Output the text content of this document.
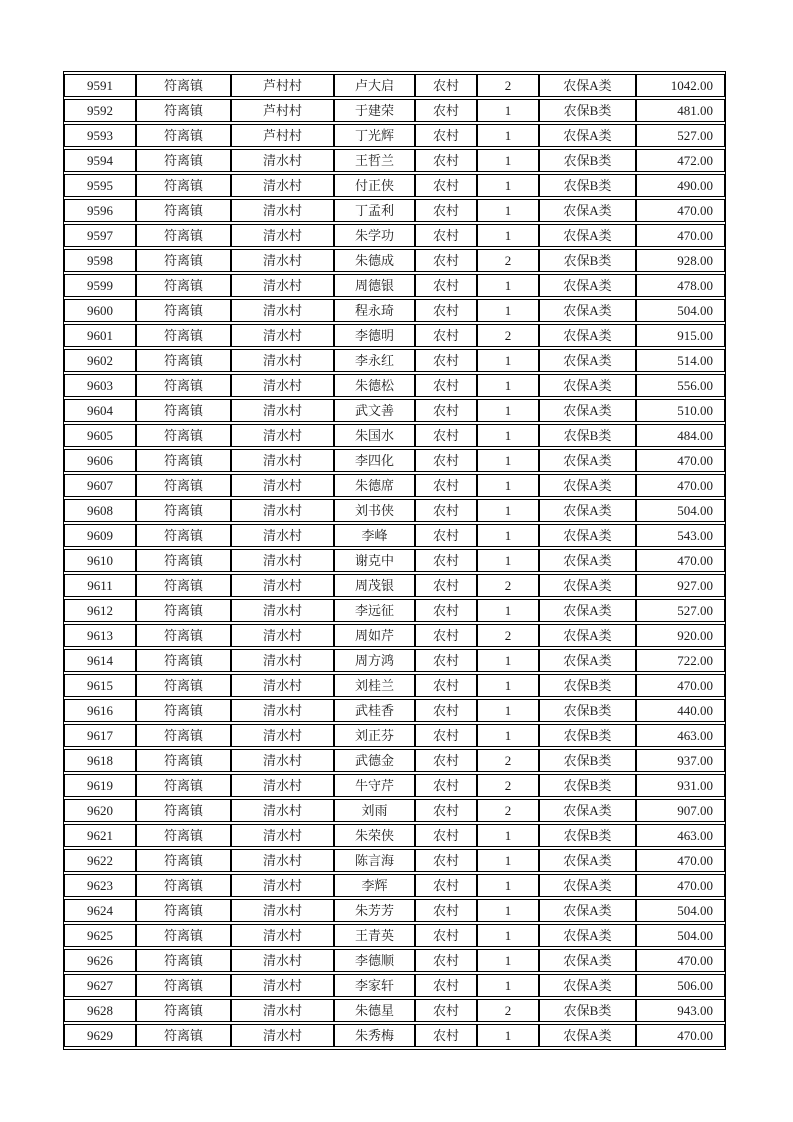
9591	符离镇	芦村村	卢大启	农村	2	农保A类	1042.00
9592	符离镇	芦村村	于建荣	农村	1	农保B类	481.00
9593	符离镇	芦村村	丁光辉	农村	1	农保A类	527.00
9594	符离镇	清水村	王哲兰	农村	1	农保B类	472.00
9595	符离镇	清水村	付正侠	农村	1	农保B类	490.00
9596	符离镇	清水村	丁孟利	农村	1	农保A类	470.00
9597	符离镇	清水村	朱学功	农村	1	农保A类	470.00
9598	符离镇	清水村	朱德成	农村	2	农保B类	928.00
9599	符离镇	清水村	周德银	农村	1	农保A类	478.00
9600	符离镇	清水村	程永琦	农村	1	农保A类	504.00
9601	符离镇	清水村	李德明	农村	2	农保A类	915.00
9602	符离镇	清水村	李永红	农村	1	农保A类	514.00
9603	符离镇	清水村	朱德松	农村	1	农保A类	556.00
9604	符离镇	清水村	武文善	农村	1	农保A类	510.00
9605	符离镇	清水村	朱国水	农村	1	农保B类	484.00
9606	符离镇	清水村	李四化	农村	1	农保A类	470.00
9607	符离镇	清水村	朱德席	农村	1	农保A类	470.00
9608	符离镇	清水村	刘书侠	农村	1	农保A类	504.00
9609	符离镇	清水村	李峰	农村	1	农保A类	543.00
9610	符离镇	清水村	谢克中	农村	1	农保A类	470.00
9611	符离镇	清水村	周茂银	农村	2	农保A类	927.00
9612	符离镇	清水村	李远征	农村	1	农保A类	527.00
9613	符离镇	清水村	周如芹	农村	2	农保A类	920.00
9614	符离镇	清水村	周方鸿	农村	1	农保A类	722.00
9615	符离镇	清水村	刘桂兰	农村	1	农保B类	470.00
9616	符离镇	清水村	武桂香	农村	1	农保B类	440.00
9617	符离镇	清水村	刘正芬	农村	1	农保B类	463.00
9618	符离镇	清水村	武德金	农村	2	农保B类	937.00
9619	符离镇	清水村	牛守芹	农村	2	农保B类	931.00
9620	符离镇	清水村	刘雨	农村	2	农保A类	907.00
9621	符离镇	清水村	朱荣侠	农村	1	农保B类	463.00
9622	符离镇	清水村	陈言海	农村	1	农保A类	470.00
9623	符离镇	清水村	李辉	农村	1	农保A类	470.00
9624	符离镇	清水村	朱芳芳	农村	1	农保A类	504.00
9625	符离镇	清水村	王青英	农村	1	农保A类	504.00
9626	符离镇	清水村	李德顺	农村	1	农保A类	470.00
9627	符离镇	清水村	李家轩	农村	1	农保A类	506.00
9628	符离镇	清水村	朱德星	农村	2	农保B类	943.00
9629	符离镇	清水村	朱秀梅	农村	1	农保A类	470.00
